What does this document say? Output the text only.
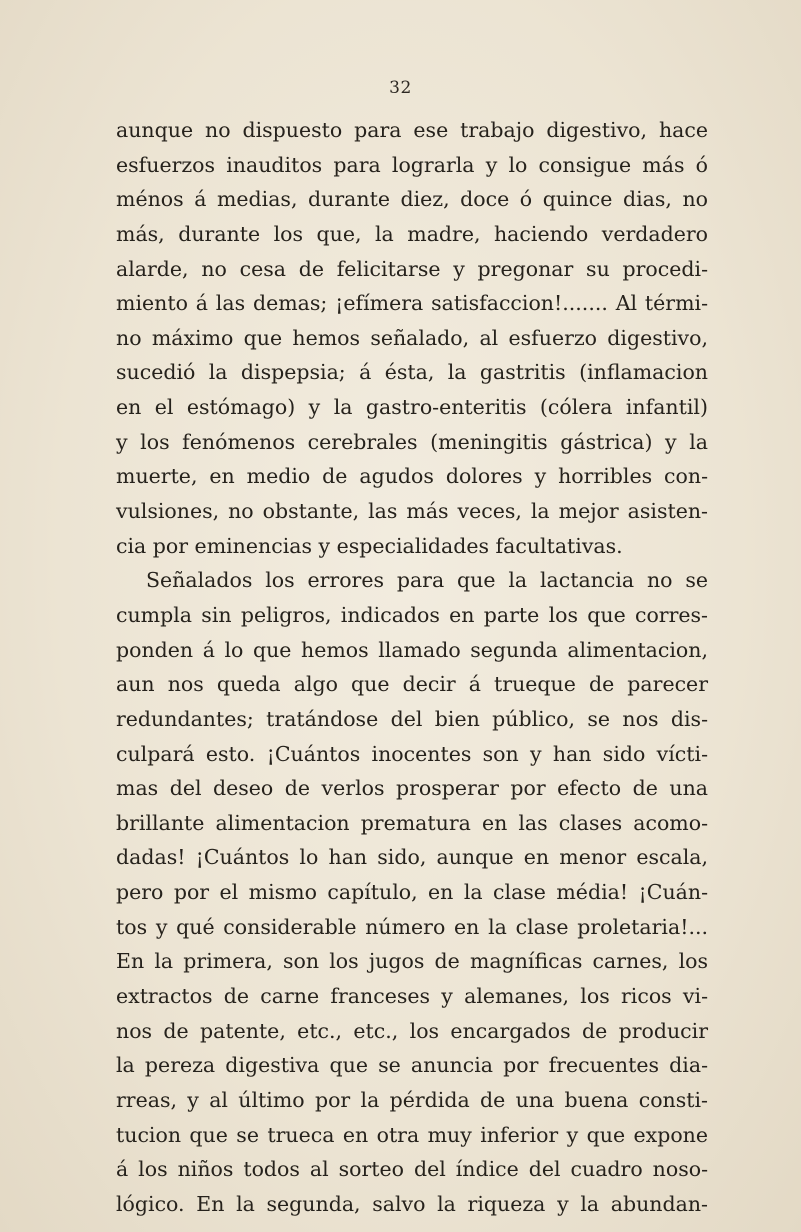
32
aunque no dispuesto para ese trabajo digestivo, hace
esfuerzos inauditos para lograrla y lo consigue más ó
ménos á medias, durante diez, doce ó quince dias, no
más, durante los que, la madre, haciendo verdadero
alarde, no cesa de felicitarse y pregonar su procedi-
miento á las demas; ¡efímera satisfaccion!....... Al térmi-
no máximo que hemos señalado, al esfuerzo digestivo,
sucedió la dispepsia; á ésta, la gastritis (inflamacion
en el estómago) y la gastro-enteritis (cólera infantil)
y los fenómenos cerebrales (meningitis gástrica) y la
muerte, en medio de agudos dolores y horribles con-
vulsiones, no obstante, las más veces, la mejor asisten-
cia por eminencias y especialidades facultativas.
Señalados los errores para que la lactancia no se
cumpla sin peligros, indicados en parte los que corres-
ponden á lo que hemos llamado segunda alimentacion,
aun nos queda algo que decir á trueque de parecer
redundantes; tratándose del bien público, se nos dis-
culpará esto. ¡Cuántos inocentes son y han sido vícti-
mas del deseo de verlos prosperar por efecto de una
brillante alimentacion prematura en las clases acomo-
dadas! ¡Cuántos lo han sido, aunque en menor escala,
pero por el mismo capítulo, en la clase média! ¡Cuán-
tos y qué considerable número en la clase proletaria!...
En la primera, son los jugos de magníficas carnes, los
extractos de carne franceses y alemanes, los ricos vi-
nos de patente, etc., etc., los encargados de producir
la pereza digestiva que se anuncia por frecuentes dia-
rreas, y al último por la pérdida de una buena consti-
tucion que se trueca en otra muy inferior y que expone
á los niños todos al sorteo del índice del cuadro noso-
lógico. En la segunda, salvo la riqueza y la abundan-
